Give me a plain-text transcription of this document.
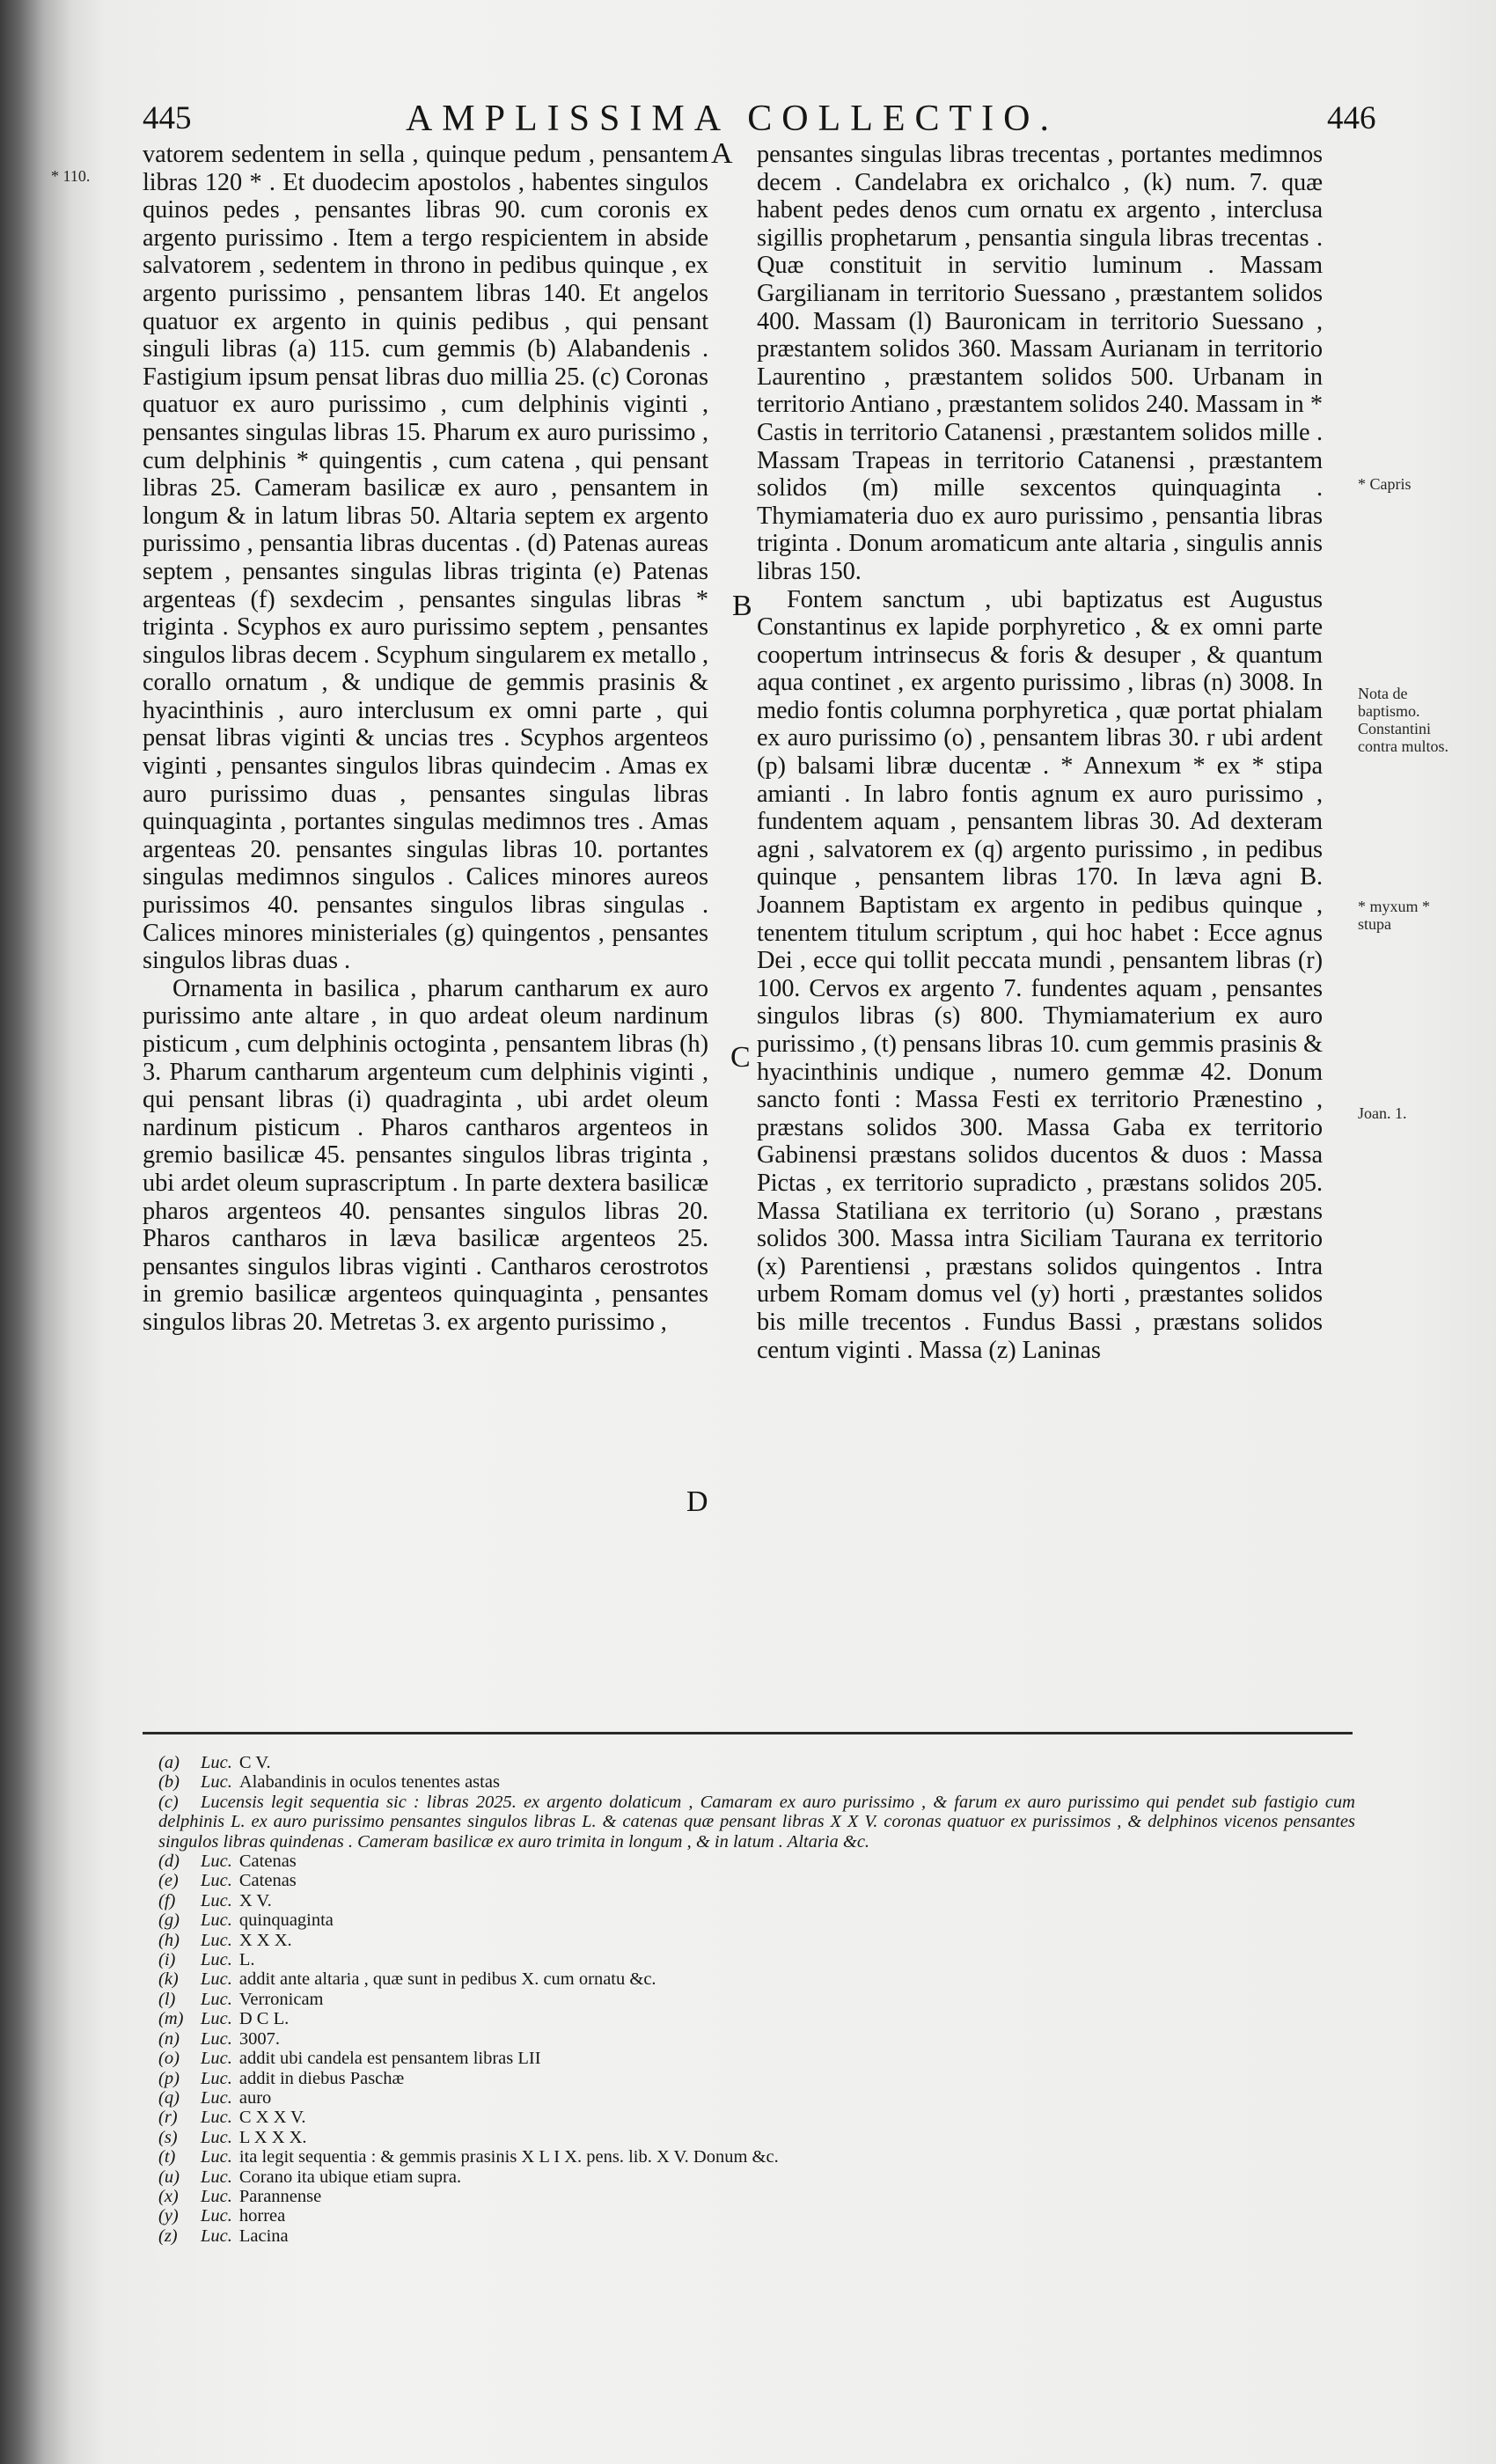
445	AMPLISSIMA COLLECTIO.	446
* 110.
* Capris
Nota de baptismo. Constantini contra multos.
* myxum * stupa
Joan. 1.
A
B
C
D

vatorem sedentem in sella , quinque pedum , pensantem libras 120 * . Et duodecim apostolos , habentes singulos quinos pedes , pensantes libras 90. cum coronis ex argento purissimo . Item a tergo respicientem in abside salvatorem , sedentem in throno in pedibus quinque , ex argento purissimo , pensantem libras 140. Et angelos quatuor ex argento in quinis pedibus , qui pensant singuli libras (a) 115. cum gemmis (b) Alabandenis . Fastigium ipsum pensat libras duo millia 25. (c) Coronas quatuor ex auro purissimo , cum delphinis viginti , pensantes singulas libras 15. Pharum ex auro purissimo , cum delphinis * quingentis , cum catena , qui pensant libras 25. Cameram basilicæ ex auro , pensantem in longum & in latum libras 50. Altaria septem ex argento purissimo , pensantia libras ducentas . (d) Patenas aureas septem , pensantes singulas libras triginta (e) Patenas argenteas (f) sexdecim , pensantes singulas libras * triginta . Scyphos ex auro purissimo septem , pensantes singulos libras decem . Scyphum singularem ex metallo , corallo ornatum , & undique de gemmis prasinis & hyacinthinis , auro interclusum ex omni parte , qui pensat libras viginti & uncias tres . Scyphos argenteos viginti , pensantes singulos libras quindecim . Amas ex auro purissimo duas , pensantes singulas libras quinquaginta , portantes singulas medimnos tres . Amas argenteas 20. pensantes singulas libras 10. portantes singulas medimnos singulos . Calices minores aureos purissimos 40. pensantes singulos libras singulas . Calices minores ministeriales (g) quingentos , pensantes singulos libras duas .

Ornamenta in basilica , pharum cantharum ex auro purissimo ante altare , in quo ardeat oleum nardinum pisticum , cum delphinis octoginta , pensantem libras (h) 3. Pharum cantharum argenteum cum delphinis viginti , qui pensant libras (i) quadraginta , ubi ardet oleum nardinum pisticum . Pharos cantharos argenteos in gremio basilicæ 45. pensantes singulos libras triginta , ubi ardet oleum suprascriptum . In parte dextera basilicæ pharos argenteos 40. pensantes singulos libras 20. Pharos cantharos in læva basilicæ argenteos 25. pensantes singulos libras viginti . Cantharos cerostrotos in gremio basilicæ argenteos quinquaginta , pensantes singulos libras 20. Metretas 3. ex argento purissimo ,

pensantes singulas libras trecentas , portantes medimnos decem . Candelabra ex orichalco , (k) num. 7. quæ habent pedes denos cum ornatu ex argento , interclusa sigillis prophetarum , pensantia singula libras trecentas . Quæ constituit in servitio luminum . Massam Gargilianam in territorio Suessano , præstantem solidos 400. Massam (l) Bauronicam in territorio Suessano , præstantem solidos 360. Massam Aurianam in territorio Laurentino , præstantem solidos 500. Urbanam in territorio Antiano , præstantem solidos 240. Massam in * Castis in territorio Catanensi , præstantem solidos mille . Massam Trapeas in territorio Catanensi , præstantem solidos (m) mille sexcentos quinquaginta . Thymiamateria duo ex auro purissimo , pensantia libras triginta . Donum aromaticum ante altaria , singulis annis libras 150.

Fontem sanctum , ubi baptizatus est Augustus Constantinus ex lapide porphyretico , & ex omni parte coopertum intrinsecus & foris & desuper , & quantum aqua continet , ex argento purissimo , libras (n) 3008. In medio fontis columna porphyretica , quæ portat phialam ex auro purissimo (o) , pensantem libras 30. r ubi ardent (p) balsami libræ ducentæ . * Annexum * ex * stipa amianti . In labro fontis agnum ex auro purissimo , fundentem aquam , pensantem libras 30. Ad dexteram agni , salvatorem ex (q) argento purissimo , in pedibus quinque , pensantem libras 170. In læva agni B. Joannem Baptistam ex argento in pedibus quinque , tenentem titulum scriptum , qui hoc habet : Ecce agnus Dei , ecce qui tollit peccata mundi , pensantem libras (r) 100. Cervos ex argento 7. fundentes aquam , pensantes singulos libras (s) 800. Thymiamaterium ex auro purissimo , (t) pensans libras 10. cum gemmis prasinis & hyacinthinis undique , numero gemmæ 42. Donum sancto fonti : Massa Festi ex territorio Prænestino , præstans solidos 300. Massa Gaba ex territorio Gabinensi præstans solidos ducentos & duos : Massa Pictas , ex territorio supradicto , præstans solidos 205. Massa Statiliana ex territorio (u) Sorano , præstans solidos 300. Massa intra Siciliam Taurana ex territorio (x) Parentiensi , præstans solidos quingentos . Intra urbem Romam domus vel (y) horti , præstantes solidos bis mille trecentos . Fundus Bassi , præstans solidos centum viginti . Massa (z) Laninas

(a) Luc. C V.

(b) Luc. Alabandinis in oculos tenentes astas

(c) Lucensis legit sequentia sic : libras 2025. ex argento dolaticum , Camaram ex auro purissimo , & farum ex auro purissimo qui pendet sub fastigio cum delphinis L. ex auro purissimo pensantes singulos libras L. & catenas quæ pensant libras X X V. coronas quatuor ex purissimos , & delphinos vicenos pensantes singulos libras quindenas . Cameram basilicæ ex auro trimita in longum , & in latum . Altaria &c.

(d) Luc. Catenas

(e) Luc. Catenas

(f) Luc. X V.

(g) Luc. quinquaginta

(h) Luc. X X X.

(i) Luc. L.

(k) Luc. addit ante altaria , quæ sunt in pedibus X. cum ornatu &c.

(l) Luc. Verronicam

(m) Luc. D C L.

(n) Luc. 3007.

(o) Luc. addit ubi candela est pensantem libras LII

(p) Luc. addit in diebus Paschæ

(q) Luc. auro

(r) Luc. C X X V.

(s) Luc. L X X X.

(t) Luc. ita legit sequentia : & gemmis prasinis X L I X. pens. lib. X V. Donum &c.

(u) Luc. Corano ita ubique etiam supra.

(x) Luc. Parannense

(y) Luc. horrea

(z) Luc. Lacina
